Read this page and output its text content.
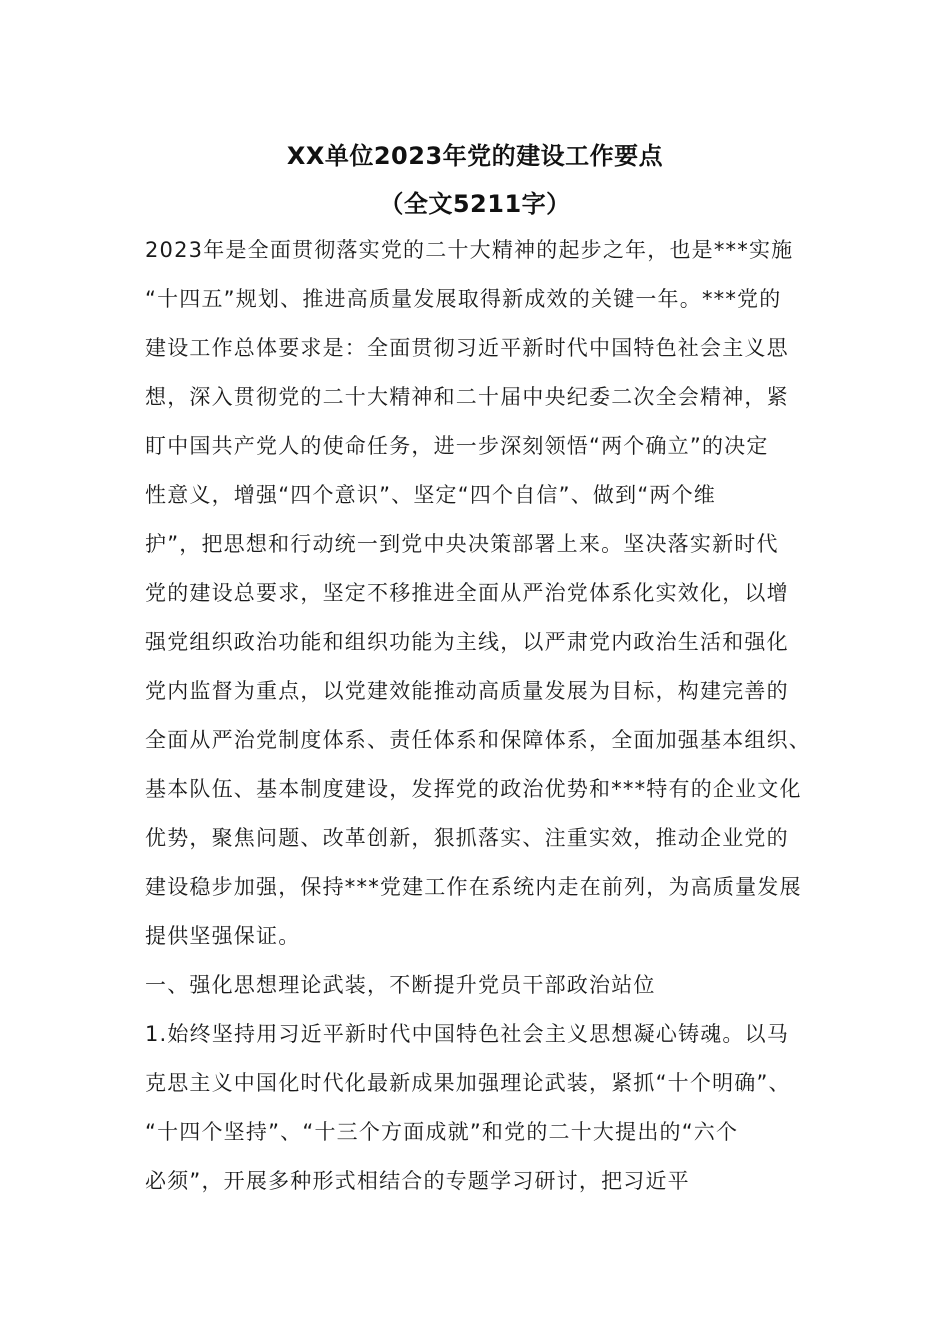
XX单位2023年党的建设工作要点
（全文5211字）
2023年是全面贯彻落实党的二十大精神的起步之年，也是***实施
“十四五”规划、推进高质量发展取得新成效的关键一年。***党的
建设工作总体要求是：全面贯彻习近平新时代中国特色社会主义思
想，深入贯彻党的二十大精神和二十届中央纪委二次全会精神，紧
盯中国共产党人的使命任务，进一步深刻领悟“两个确立”的决定
性意义，增强“四个意识”、坚定“四个自信”、做到“两个维
护”，把思想和行动统一到党中央决策部署上来。坚决落实新时代
党的建设总要求，坚定不移推进全面从严治党体系化实效化，以增
强党组织政治功能和组织功能为主线，以严肃党内政治生活和强化
党内监督为重点，以党建效能推动高质量发展为目标，构建完善的
全面从严治党制度体系、责任体系和保障体系，全面加强基本组织、
基本队伍、基本制度建设，发挥党的政治优势和***特有的企业文化
优势，聚焦问题、改革创新，狠抓落实、注重实效，推动企业党的
建设稳步加强，保持***党建工作在系统内走在前列，为高质量发展
提供坚强保证。
一、强化思想理论武装，不断提升党员干部政治站位
1.始终坚持用习近平新时代中国特色社会主义思想凝心铸魂。以马
克思主义中国化时代化最新成果加强理论武装，紧抓“十个明确”、
“十四个坚持”、“十三个方面成就”和党的二十大提出的“六个
必须”，开展多种形式相结合的专题学习研讨，把习近平
